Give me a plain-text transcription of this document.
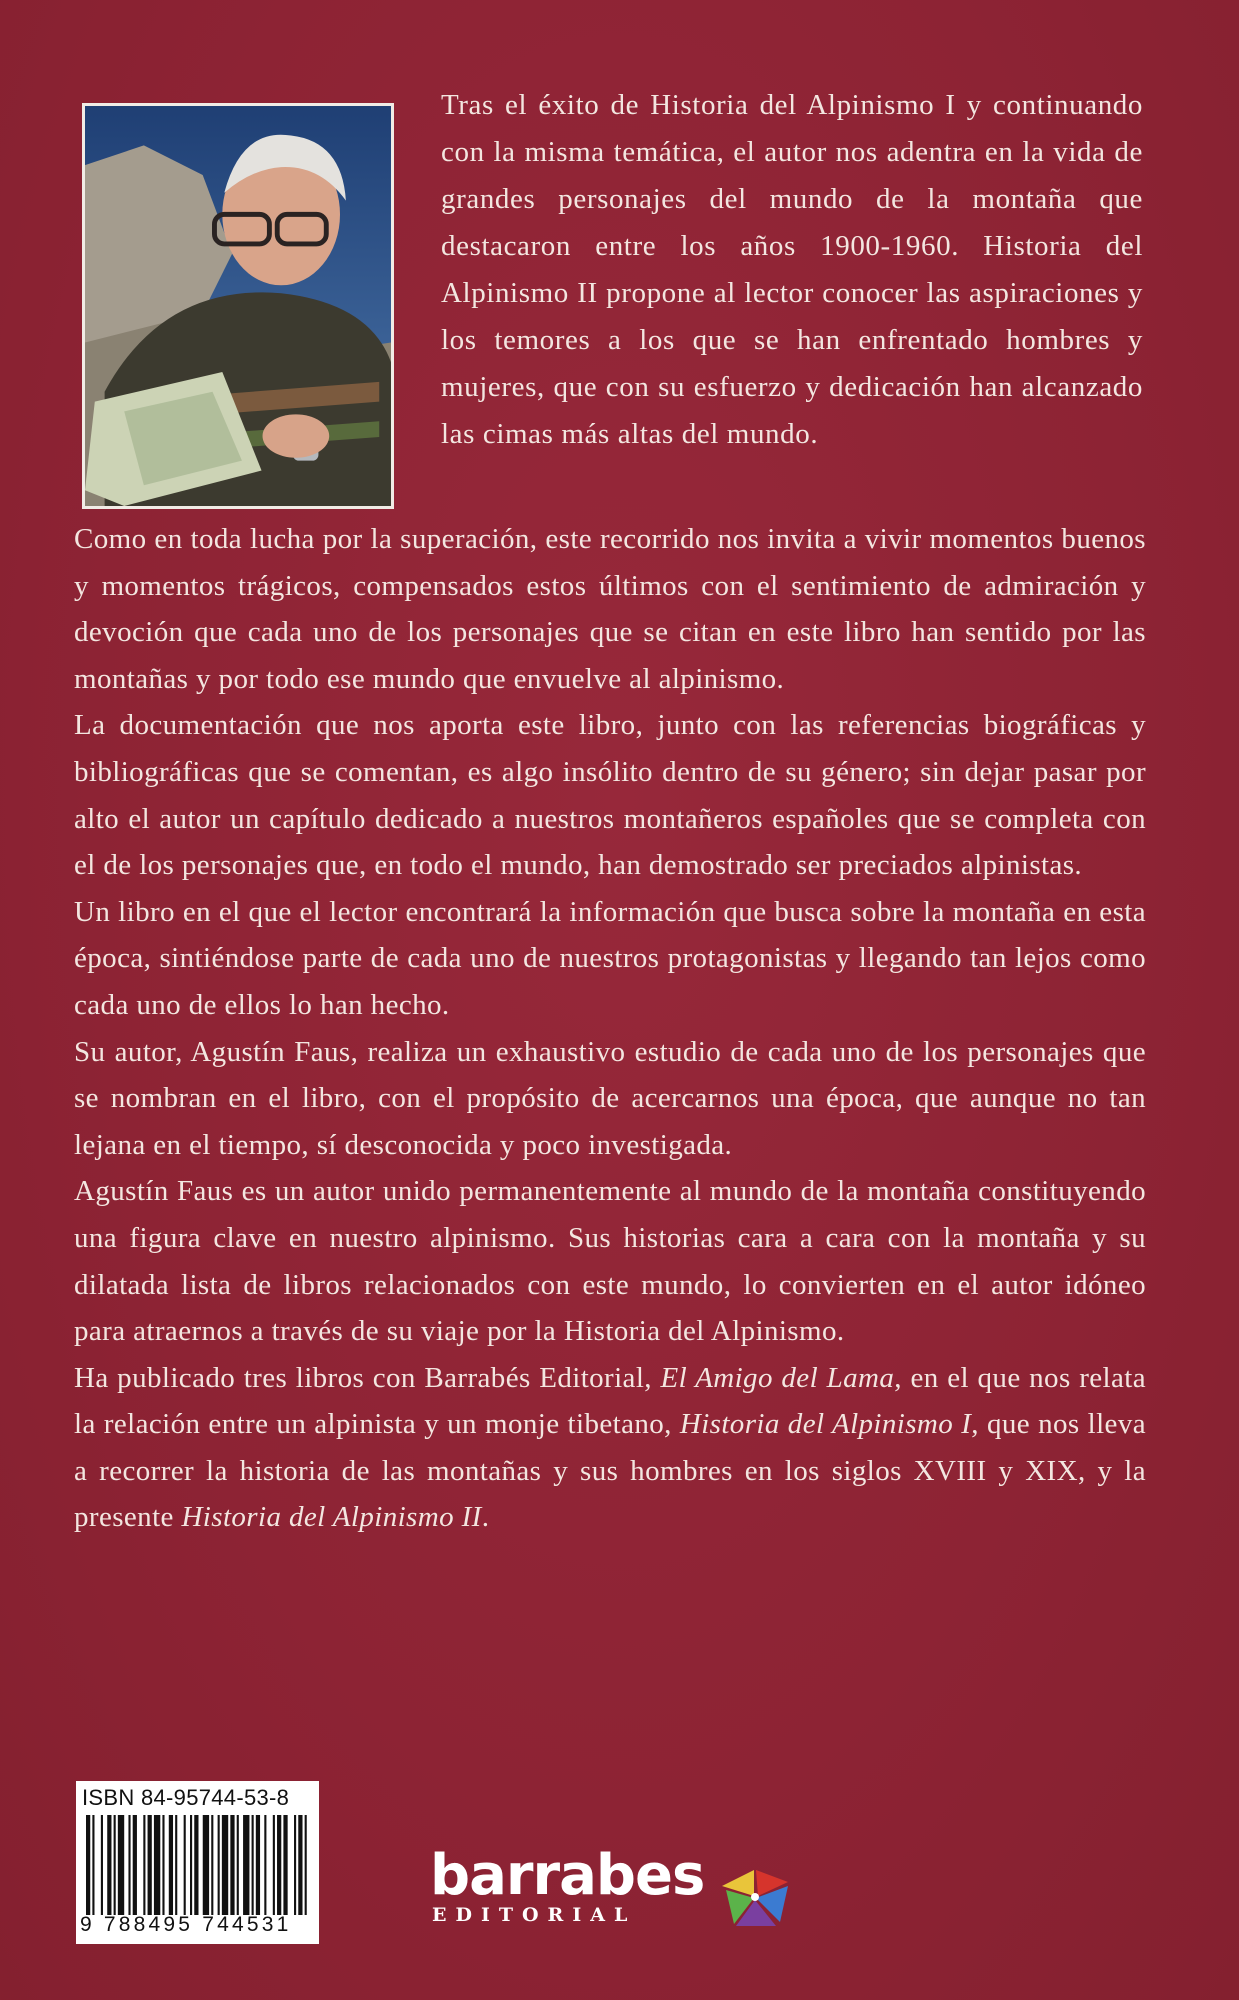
Tras el éxito de Historia del Alpinismo I y continuando con la misma temática, el autor nos adentra en la vida de grandes personajes del mundo de la montaña que destacaron entre los años 1900-1960. Historia del Alpinismo II propone al lector conocer las aspiraciones y los temores a los que se han enfrentado hombres y mujeres, que con su esfuerzo y dedicación han alcanzado las cimas más altas del mundo.

Como en toda lucha por la superación, este recorrido nos invita a vivir momentos buenos y momentos trágicos, compensados estos últimos con el sentimiento de admiración y devoción que cada uno de los personajes que se citan en este libro han sentido por las montañas y por todo ese mundo que envuelve al alpinismo.

La documentación que nos aporta este libro, junto con las referencias biográficas y bibliográficas que se comentan, es algo insólito dentro de su género; sin dejar pasar por alto el autor un capítulo dedicado a nuestros montañeros españoles que se completa con el de los personajes que, en todo el mundo, han demostrado ser preciados alpinistas.

Un libro en el que el lector encontrará la información que busca sobre la montaña en esta época, sintiéndose parte de cada uno de nuestros protagonistas y llegando tan lejos como cada uno de ellos lo han hecho.

Su autor, Agustín Faus, realiza un exhaustivo estudio de cada uno de los personajes que se nombran en el libro, con el propósito de acercarnos una época, que aunque no tan lejana en el tiempo, sí desconocida y poco investigada.

Agustín Faus es un autor unido permanentemente al mundo de la montaña constituyendo una figura clave en nuestro alpinismo. Sus historias cara a cara con la montaña y su dilatada lista de libros relacionados con este mundo, lo convierten en el autor idóneo para atraernos a través de su viaje por la Historia del Alpinismo.

Ha publicado tres libros con Barrabés Editorial, El Amigo del Lama, en el que nos relata la relación entre un alpinista y un monje tibetano, Historia del Alpinismo I, que nos lleva a recorrer la historia de las montañas y sus hombres en los siglos XVIII y XIX, y la presente Historia del Alpinismo II.

ISBN 84-95744-53-8
9 788495 744531
barrabes
EDITORIAL
